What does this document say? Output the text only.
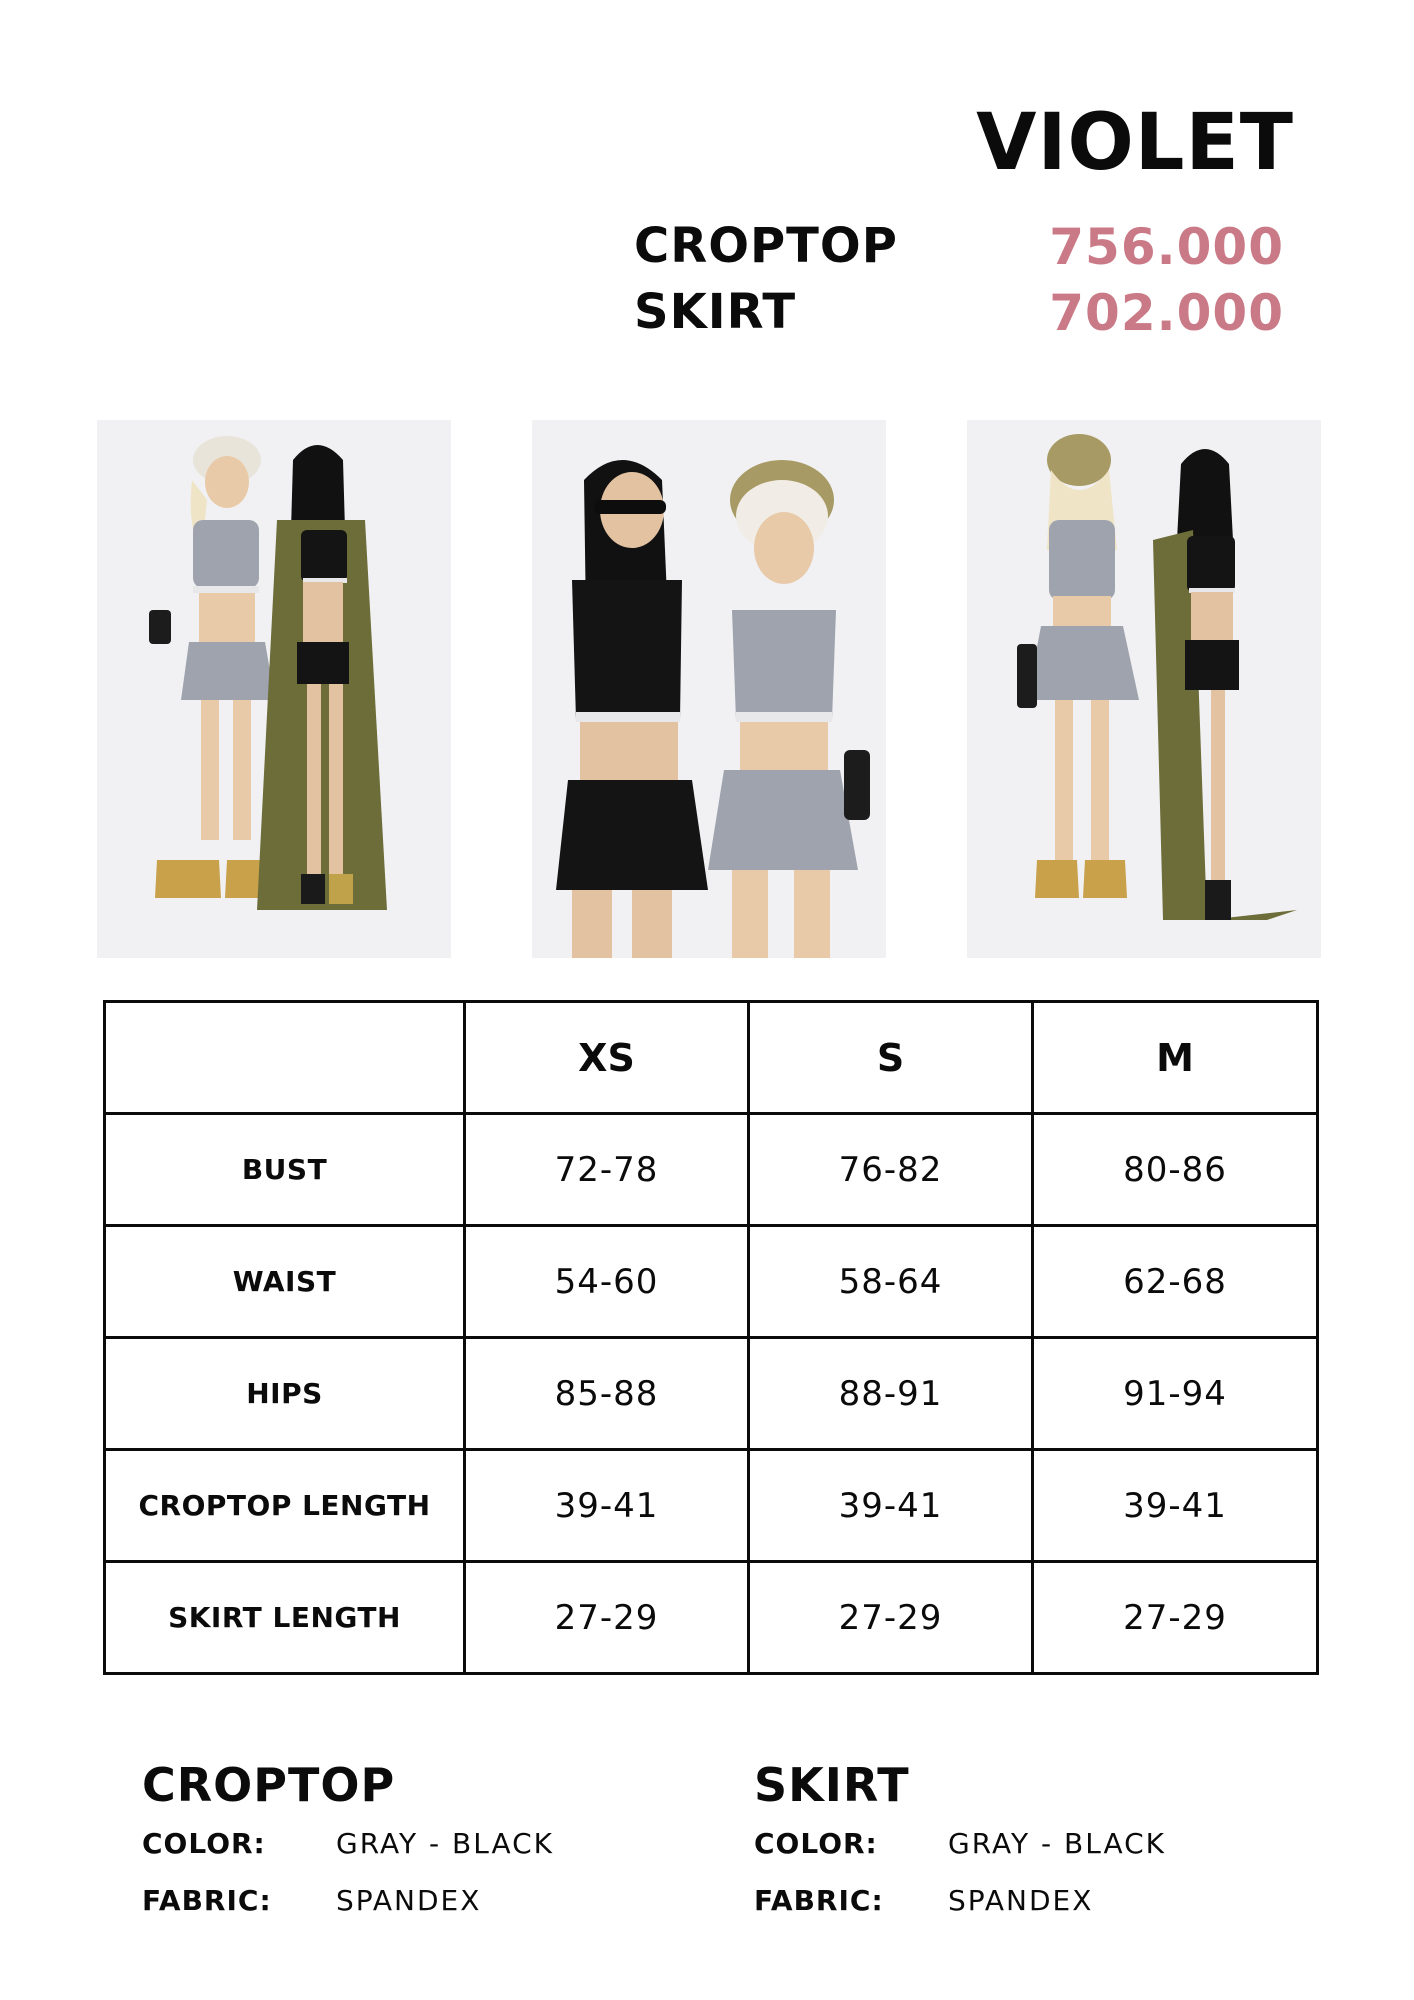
VIOLET
CROPTOP	756.000
SKIRT	702.000
	XS	S	M
BUST	72-78	76-82	80-86
WAIST	54-60	58-64	62-68
HIPS	85-88	88-91	91-94
CROPTOP LENGTH	39-41	39-41	39-41
SKIRT LENGTH	27-29	27-29	27-29
CROPTOP
COLOR:	GRAY - BLACK
FABRIC: SPANDEX
SKIRT
COLOR:	GRAY - BLACK
FABRIC: SPANDEX
